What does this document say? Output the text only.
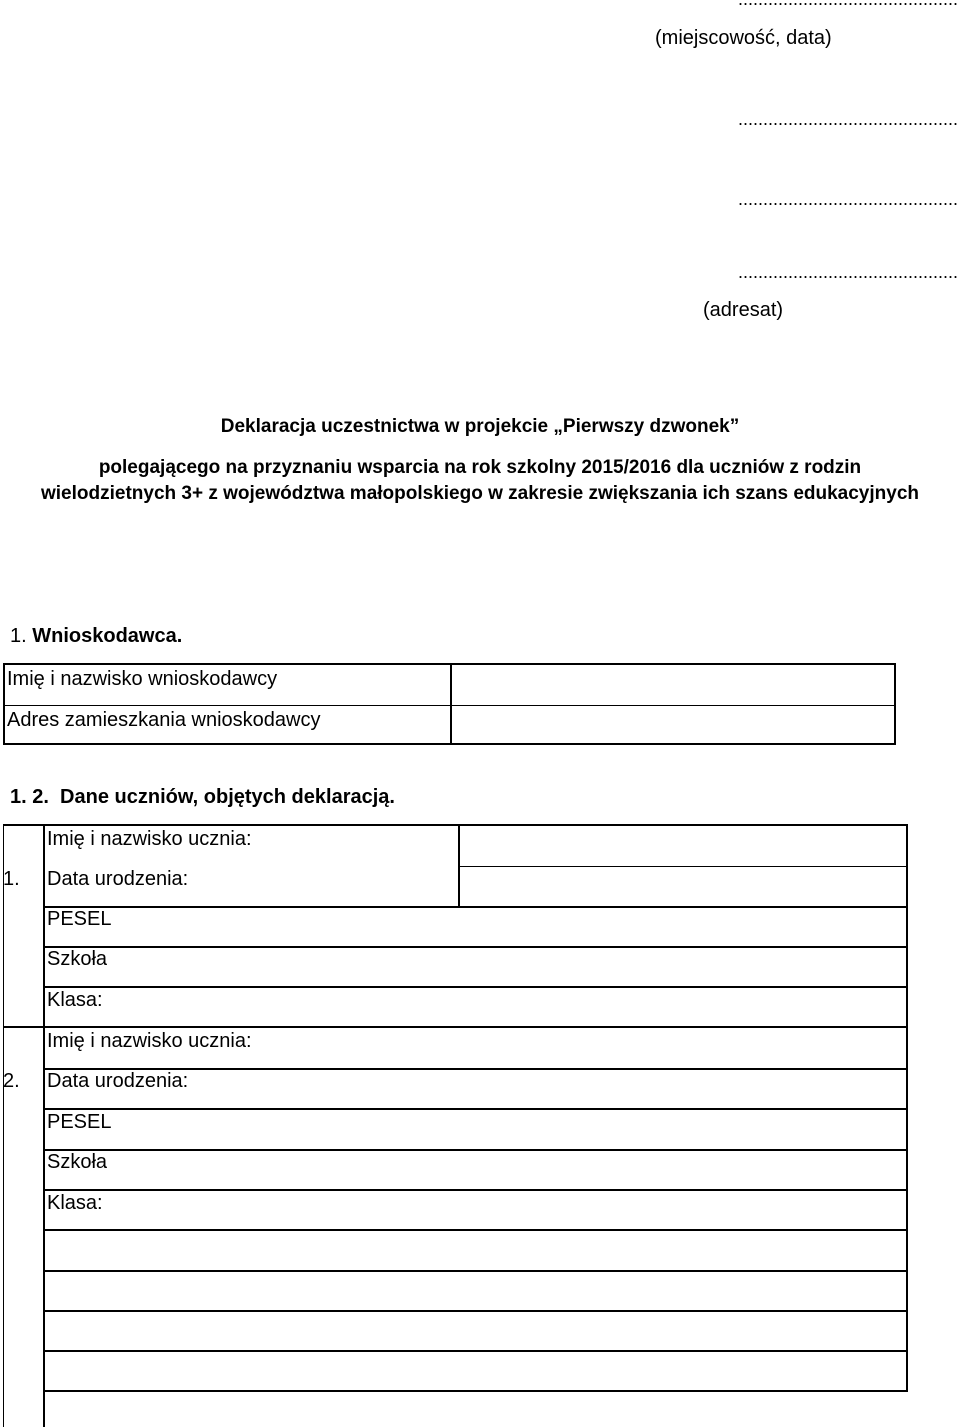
(miejscowość, data)
............................................
............................................
............................................
(adresat)
Deklaracja uczestnictwa w projekcie „Pierwszy dzwonek”
polegającego na przyznaniu wsparcia na rok szkolny 2015/2016 dla uczniów z rodzin wielodzietnych 3+ z województwa małopolskiego w zakresie zwiększania ich szans edukacyjnych
1. Wnioskodawca.
Imię i nazwisko wnioskodawcy
Adres zamieszkania wnioskodawcy
1. 2. Dane uczniów, objętych deklaracją.
1.
Imię i nazwisko ucznia:
Data urodzenia:
PESEL
Szkoła
Klasa:
2.
Imię i nazwisko ucznia:
Data urodzenia:
PESEL
Szkoła
Klasa:
